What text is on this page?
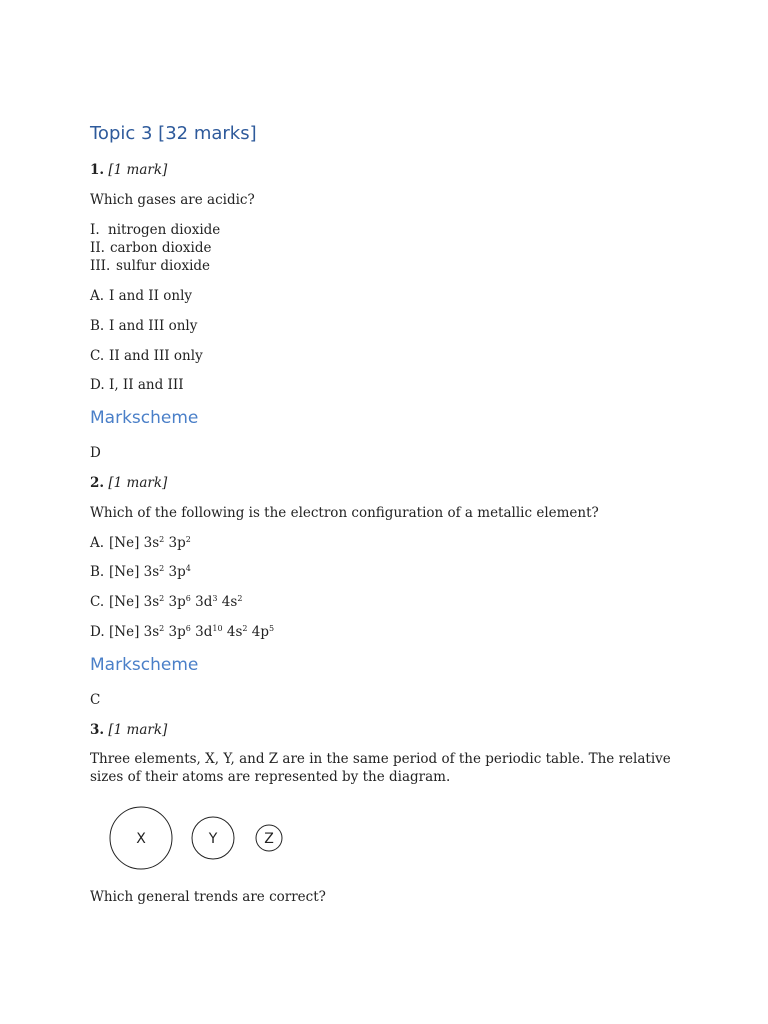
Topic 3 [32 marks]
1. [1 mark]
Which gases are acidic?
I. nitrogen dioxide
II. carbon dioxide
III. sulfur dioxide
A. I and II only
B. I and III only
C. II and III only
D. I, II and III
Markscheme
D
2. [1 mark]
Which of the following is the electron configuration of a metallic element?
A. [Ne] $3s^2$ $3p^2$
B. [Ne] $3s^2$ $3p^4$
C. [Ne] $3s^2$ $3p^6$ $3d^3$ $4s^2$
D. [Ne] $3s^2$ $3p^6$ $3d^{10}$ $4s^2$ $4p^5$
Markscheme
C
3. [1 mark]
Three elements, X, Y, and Z are in the same period of the periodic table. The relative sizes of their atoms are represented by the diagram.
X	Y	Z
Which general trends are correct?
